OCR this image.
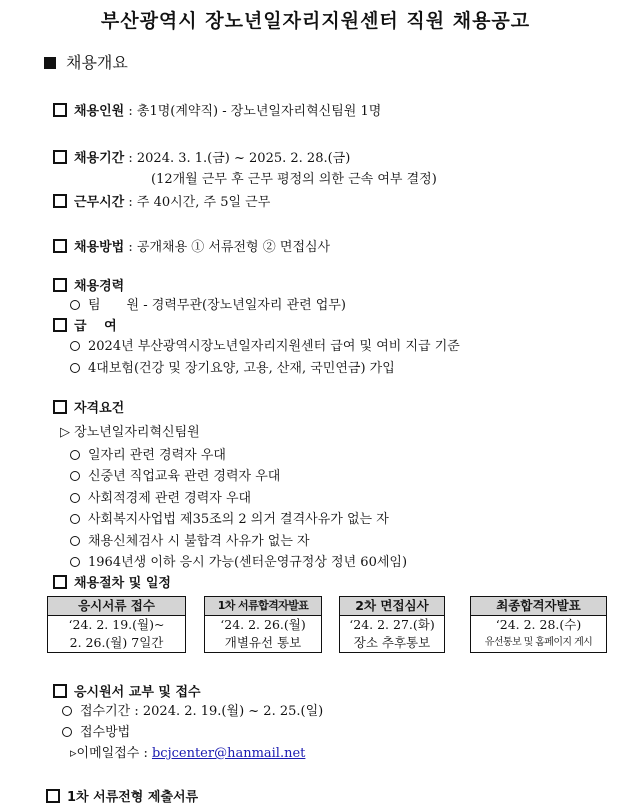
부산광역시 장노년일자리지원센터 직원 채용공고
채용개요
채용인원 : 총1명(계약직) - 장노년일자리혁신팀원 1명
채용기간 : 2024. 3. 1.(금) ~ 2025. 2. 28.(금)
(12개월 근무 후 근무 평정의 의한 근속 여부 결정)
근무시간 : 주 40시간, 주 5일 근무
채용방법 : 공개채용 ① 서류전형 ② 면접심사
채용경력
팀　　원 - 경력무관(장노년일자리 관련 업무)
급　 여
2024년 부산광역시장노년일자리지원센터 급여 및 여비 지급 기준
4대보험(건강 및 장기요양, 고용, 산재, 국민연금) 가입
자격요건
▷ 장노년일자리혁신팀원
일자리 관련 경력자 우대
신중년 직업교육 관련 경력자 우대
사회적경제 관련 경력자 우대
사회복지사업법 제35조의 2 의거 결격사유가 없는 자
채용신체검사 시 불합격 사유가 없는 자
1964년생 이하 응시 가능(센터운영규정상 정년 60세임)
채용절차 및 일정
응시서류 접수
‘24. 2. 19.(월)~
2. 26.(월) 7일간
1차 서류합격자발표
‘24. 2. 26.(월)
개별유선 통보
2차 면접심사
‘24. 2. 27.(화)
장소 추후통보
최종합격자발표
‘24. 2. 28.(수)
유선통보 및 홈페이지 게시
응시원서 교부 및 접수
접수기간 : 2024. 2. 19.(월) ~ 2. 25.(일)
접수방법
▹이메일접수 : bcjcenter@hanmail.net
1차 서류전형 제출서류
